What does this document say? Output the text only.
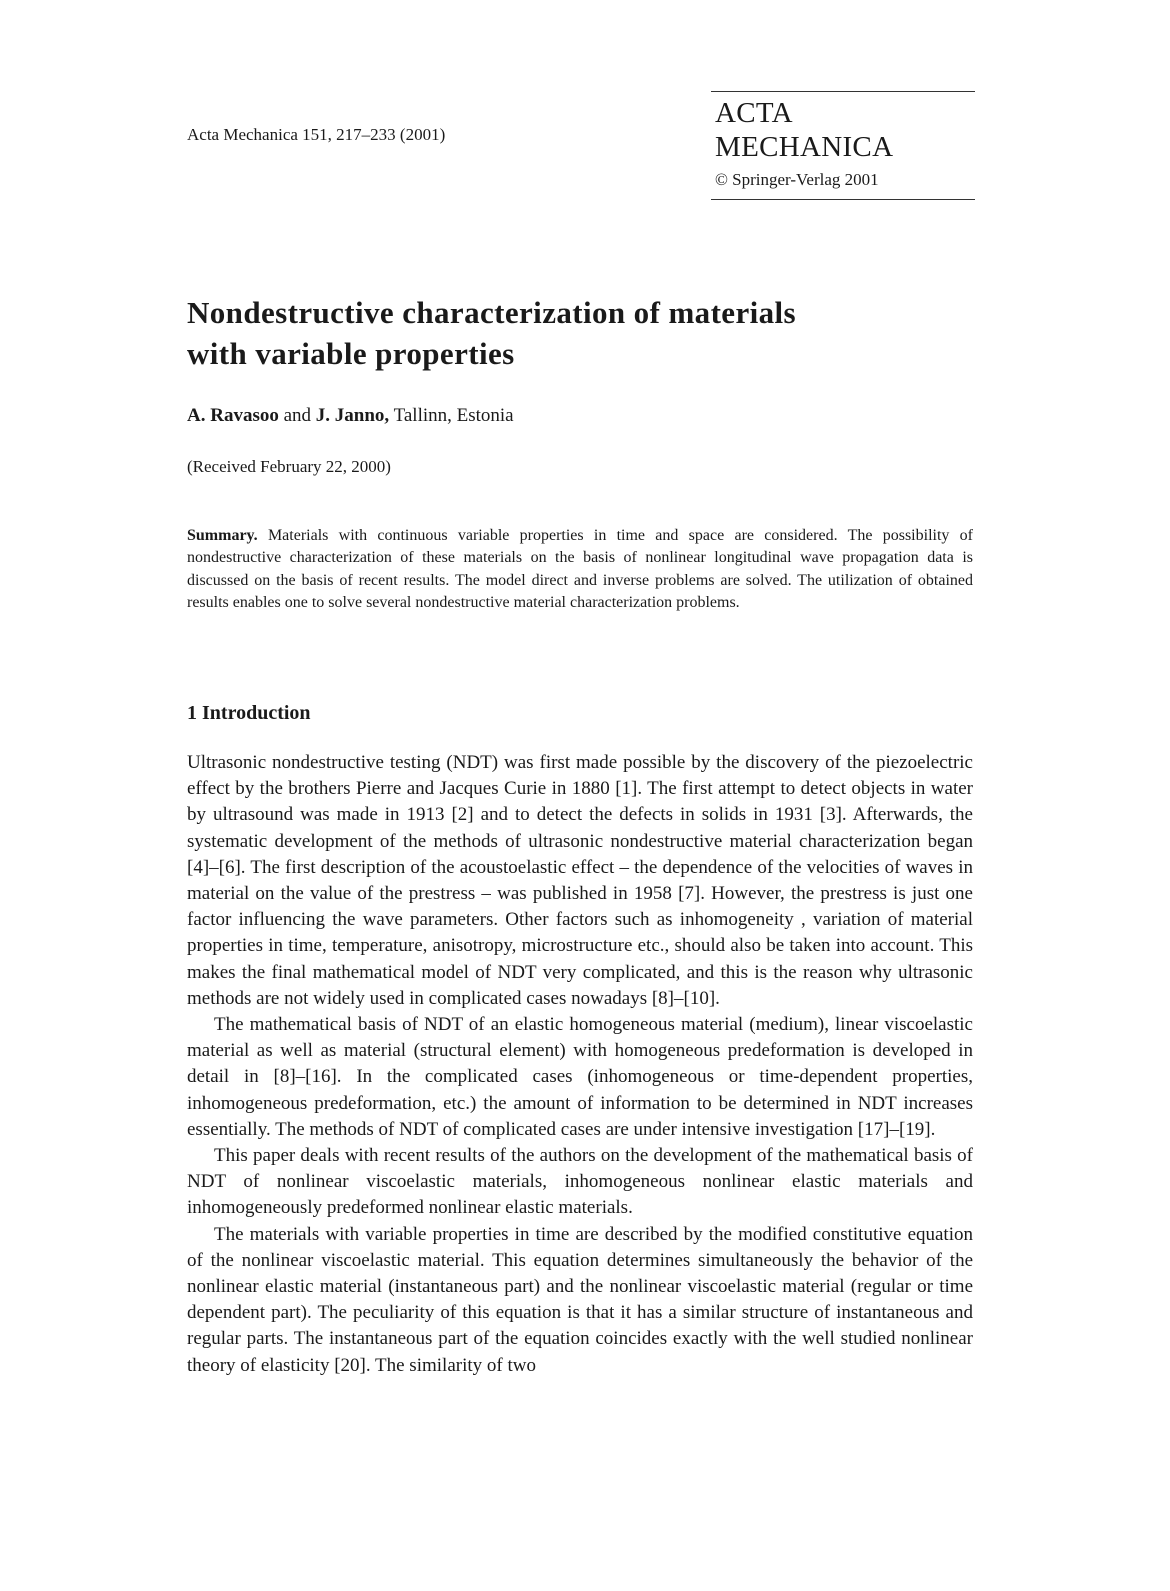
Acta Mechanica 151, 217–233 (2001)
ACTA MECHANICA
© Springer-Verlag 2001
Nondestructive characterization of materials
with variable properties
A. Ravasoo and J. Janno, Tallinn, Estonia
(Received February 22, 2000)
Summary. Materials with continuous variable properties in time and space are considered. The possibility of nondestructive characterization of these materials on the basis of nonlinear longitudinal wave propagation data is discussed on the basis of recent results. The model direct and inverse problems are solved. The utilization of obtained results enables one to solve several nondestructive material characterization problems.
1 Introduction

Ultrasonic nondestructive testing (NDT) was first made possible by the discovery of the piezoelectric effect by the brothers Pierre and Jacques Curie in 1880 [1]. The first attempt to detect objects in water by ultrasound was made in 1913 [2] and to detect the defects in solids in 1931 [3]. Afterwards, the systematic development of the methods of ultrasonic nondestructive material characterization began [4]–[6]. The first description of the acoustoelastic effect – the dependence of the velocities of waves in material on the value of the prestress – was published in 1958 [7]. However, the prestress is just one factor influencing the wave parameters. Other factors such as inhomogeneity , variation of material properties in time, temperature, anisotropy, microstructure etc., should also be taken into account. This makes the final mathematical model of NDT very complicated, and this is the reason why ultrasonic methods are not widely used in complicated cases nowadays [8]–[10].

The mathematical basis of NDT of an elastic homogeneous material (medium), linear viscoelastic material as well as material (structural element) with homogeneous predeformation is developed in detail in [8]–[16]. In the complicated cases (inhomogeneous or time-dependent properties, inhomogeneous predeformation, etc.) the amount of information to be determined in NDT increases essentially. The methods of NDT of complicated cases are under intensive investigation [17]–[19].

This paper deals with recent results of the authors on the development of the mathematical basis of NDT of nonlinear viscoelastic materials, inhomogeneous nonlinear elastic materials and inhomogeneously predeformed nonlinear elastic materials.

The materials with variable properties in time are described by the modified constitutive equation of the nonlinear viscoelastic material. This equation determines simultaneously the behavior of the nonlinear elastic material (instantaneous part) and the nonlinear viscoelastic material (regular or time dependent part). The peculiarity of this equation is that it has a similar structure of instantaneous and regular parts. The instantaneous part of the equation coincides exactly with the well studied nonlinear theory of elasticity [20]. The similarity of two
